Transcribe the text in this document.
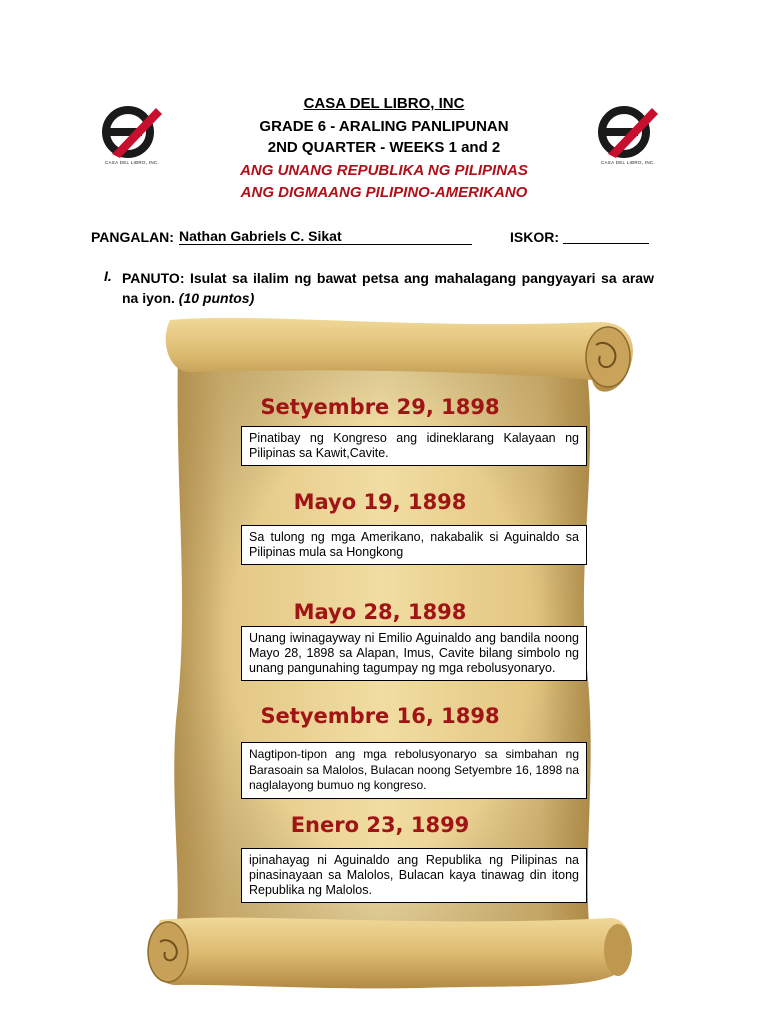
CASA DEL LIBRO, INC.	CASA DEL LIBRO, INC.
CASA DEL LIBRO, INC
GRADE 6 - ARALING PANLIPUNAN
2ND QUARTER - WEEKS 1 and 2
ANG UNANG REPUBLIKA NG PILIPINAS
ANG DIGMAANG PILIPINO-AMERIKANO
PANGALAN: Nathan Gabriels C. Sikat	ISKOR:
I. PANUTO: Isulat sa ilalim ng bawat petsa ang mahalagang pangyayari sa araw na iyon. (10 puntos)
Setyembre 29, 1898
Pinatibay ng Kongreso ang idineklarang Kalayaan ng Pilipinas sa Kawit,Cavite.
Mayo 19, 1898
Sa tulong ng mga Amerikano, nakabalik si Aguinaldo sa Pilipinas mula sa Hongkong
Mayo 28, 1898
Unang iwinagayway ni Emilio Aguinaldo ang bandila noong Mayo 28, 1898 sa Alapan, Imus, Cavite bilang simbolo ng unang pangunahing tagumpay ng mga rebolusyonaryo.
Setyembre 16, 1898
Nagtipon-tipon ang mga rebolusyonaryo sa simbahan ng Barasoain sa Malolos, Bulacan noong Setyembre 16, 1898 na naglalayong bumuo ng kongreso.
Enero 23, 1899
ipinahayag ni Aguinaldo ang Republika ng Pilipinas na pinasinayaan sa Malolos, Bulacan kaya tinawag din itong Republika ng Malolos.
